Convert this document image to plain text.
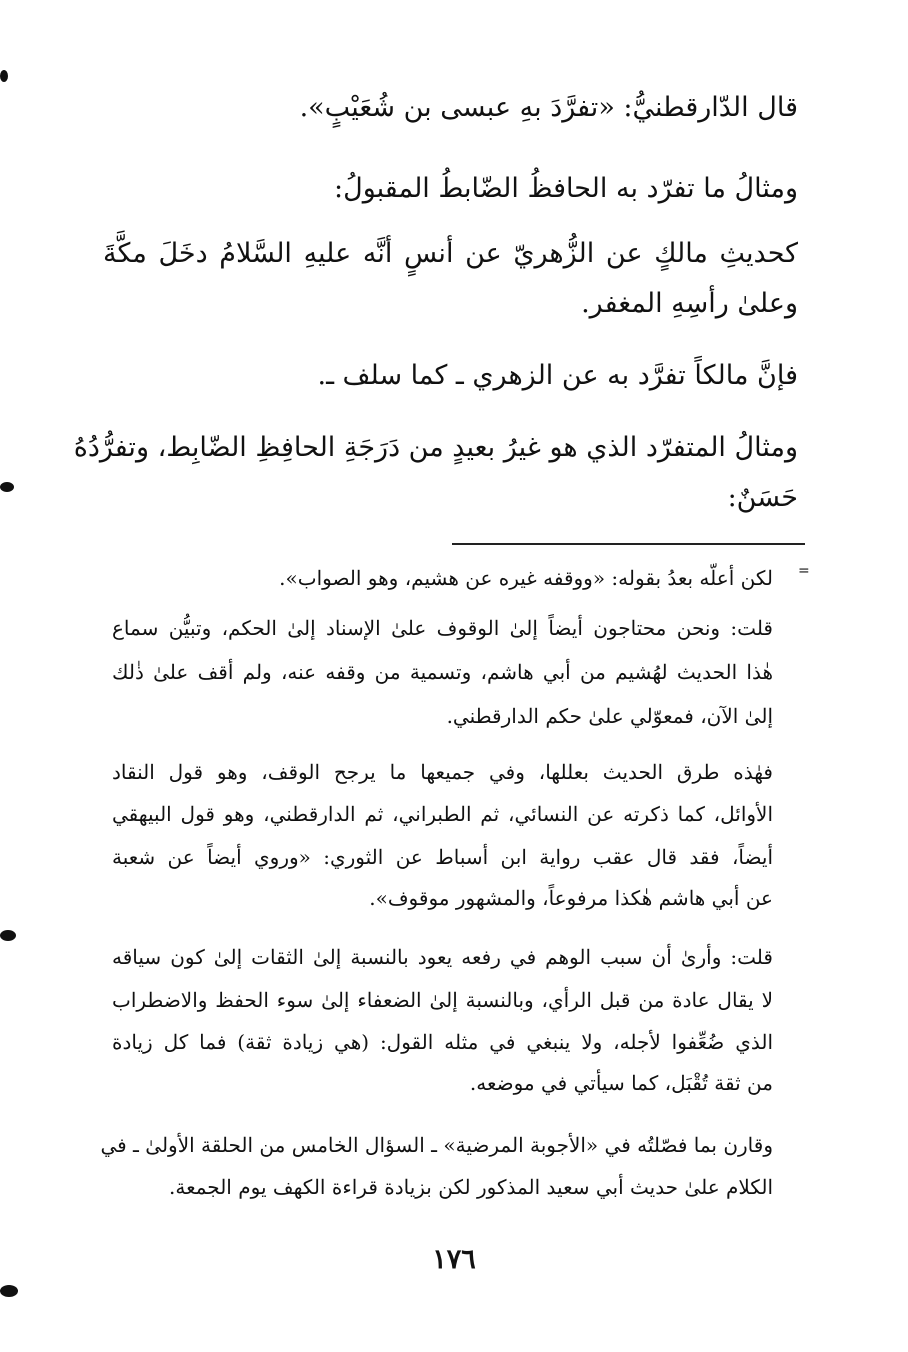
قال الدّارقطنيُّ: «تفرَّدَ بهِ عبسى بن شُعَيْبٍ».
ومثالُ ما تفرّد به الحافظُ الضّابطُ المقبولُ:
كحديثِ مالكٍ عن الزُّهريّ عن أنسٍ أنَّه عليهِ السَّلامُ دخَلَ مكَّةَ
وعلىٰ رأسِهِ المغفر.
فإنَّ مالكاً تفرَّد به عن الزهري ـ كما سلف ـ.
ومثالُ المتفرّد الذي هو غيرُ بعيدٍ من دَرَجَةِ الحافِظِ الضّابِط، وتفرُّدُهُ
حَسَنٌ:
=
لكن أعلّه بعدُ بقوله: «ووقفه غيره عن هشيم، وهو الصواب».
قلت: ونحن محتاجون أيضاً إلىٰ الوقوف علىٰ الإسناد إلىٰ الحكم، وتبيُّن سماع
هٰذا الحديث لهُشيم من أبي هاشم، وتسمية من وقفه عنه، ولم أقف علىٰ ذٰلك
إلىٰ الآن، فمعوّلي علىٰ حكم الدارقطني.
فهٰذه طرق الحديث بعللها، وفي جميعها ما يرجح الوقف، وهو قول النقاد
الأوائل، كما ذكرته عن النسائي، ثم الطبراني، ثم الدارقطني، وهو قول البيهقي
أيضاً، فقد قال عقب رواية ابن أسباط عن الثوري: «وروي أيضاً عن شعبة
عن أبي هاشم هٰكذا مرفوعاً، والمشهور موقوف».
قلت: وأرىٰ أن سبب الوهم في رفعه يعود بالنسبة إلىٰ الثقات إلىٰ كون سياقه
لا يقال عادة من قبل الرأي، وبالنسبة إلىٰ الضعفاء إلىٰ سوء الحفظ والاضطراب
الذي ضُعِّفوا لأجله، ولا ينبغي في مثله القول: (هي زيادة ثقة) فما كل زيادة
من ثقة تُقْبَل، كما سيأتي في موضعه.
وقارن بما فصّلتُه في «الأجوبة المرضية» ـ السؤال الخامس من الحلقة الأولىٰ ـ في
الكلام علىٰ حديث أبي سعيد المذكور لكن بزيادة قراءة الكهف يوم الجمعة.
١٧٦
